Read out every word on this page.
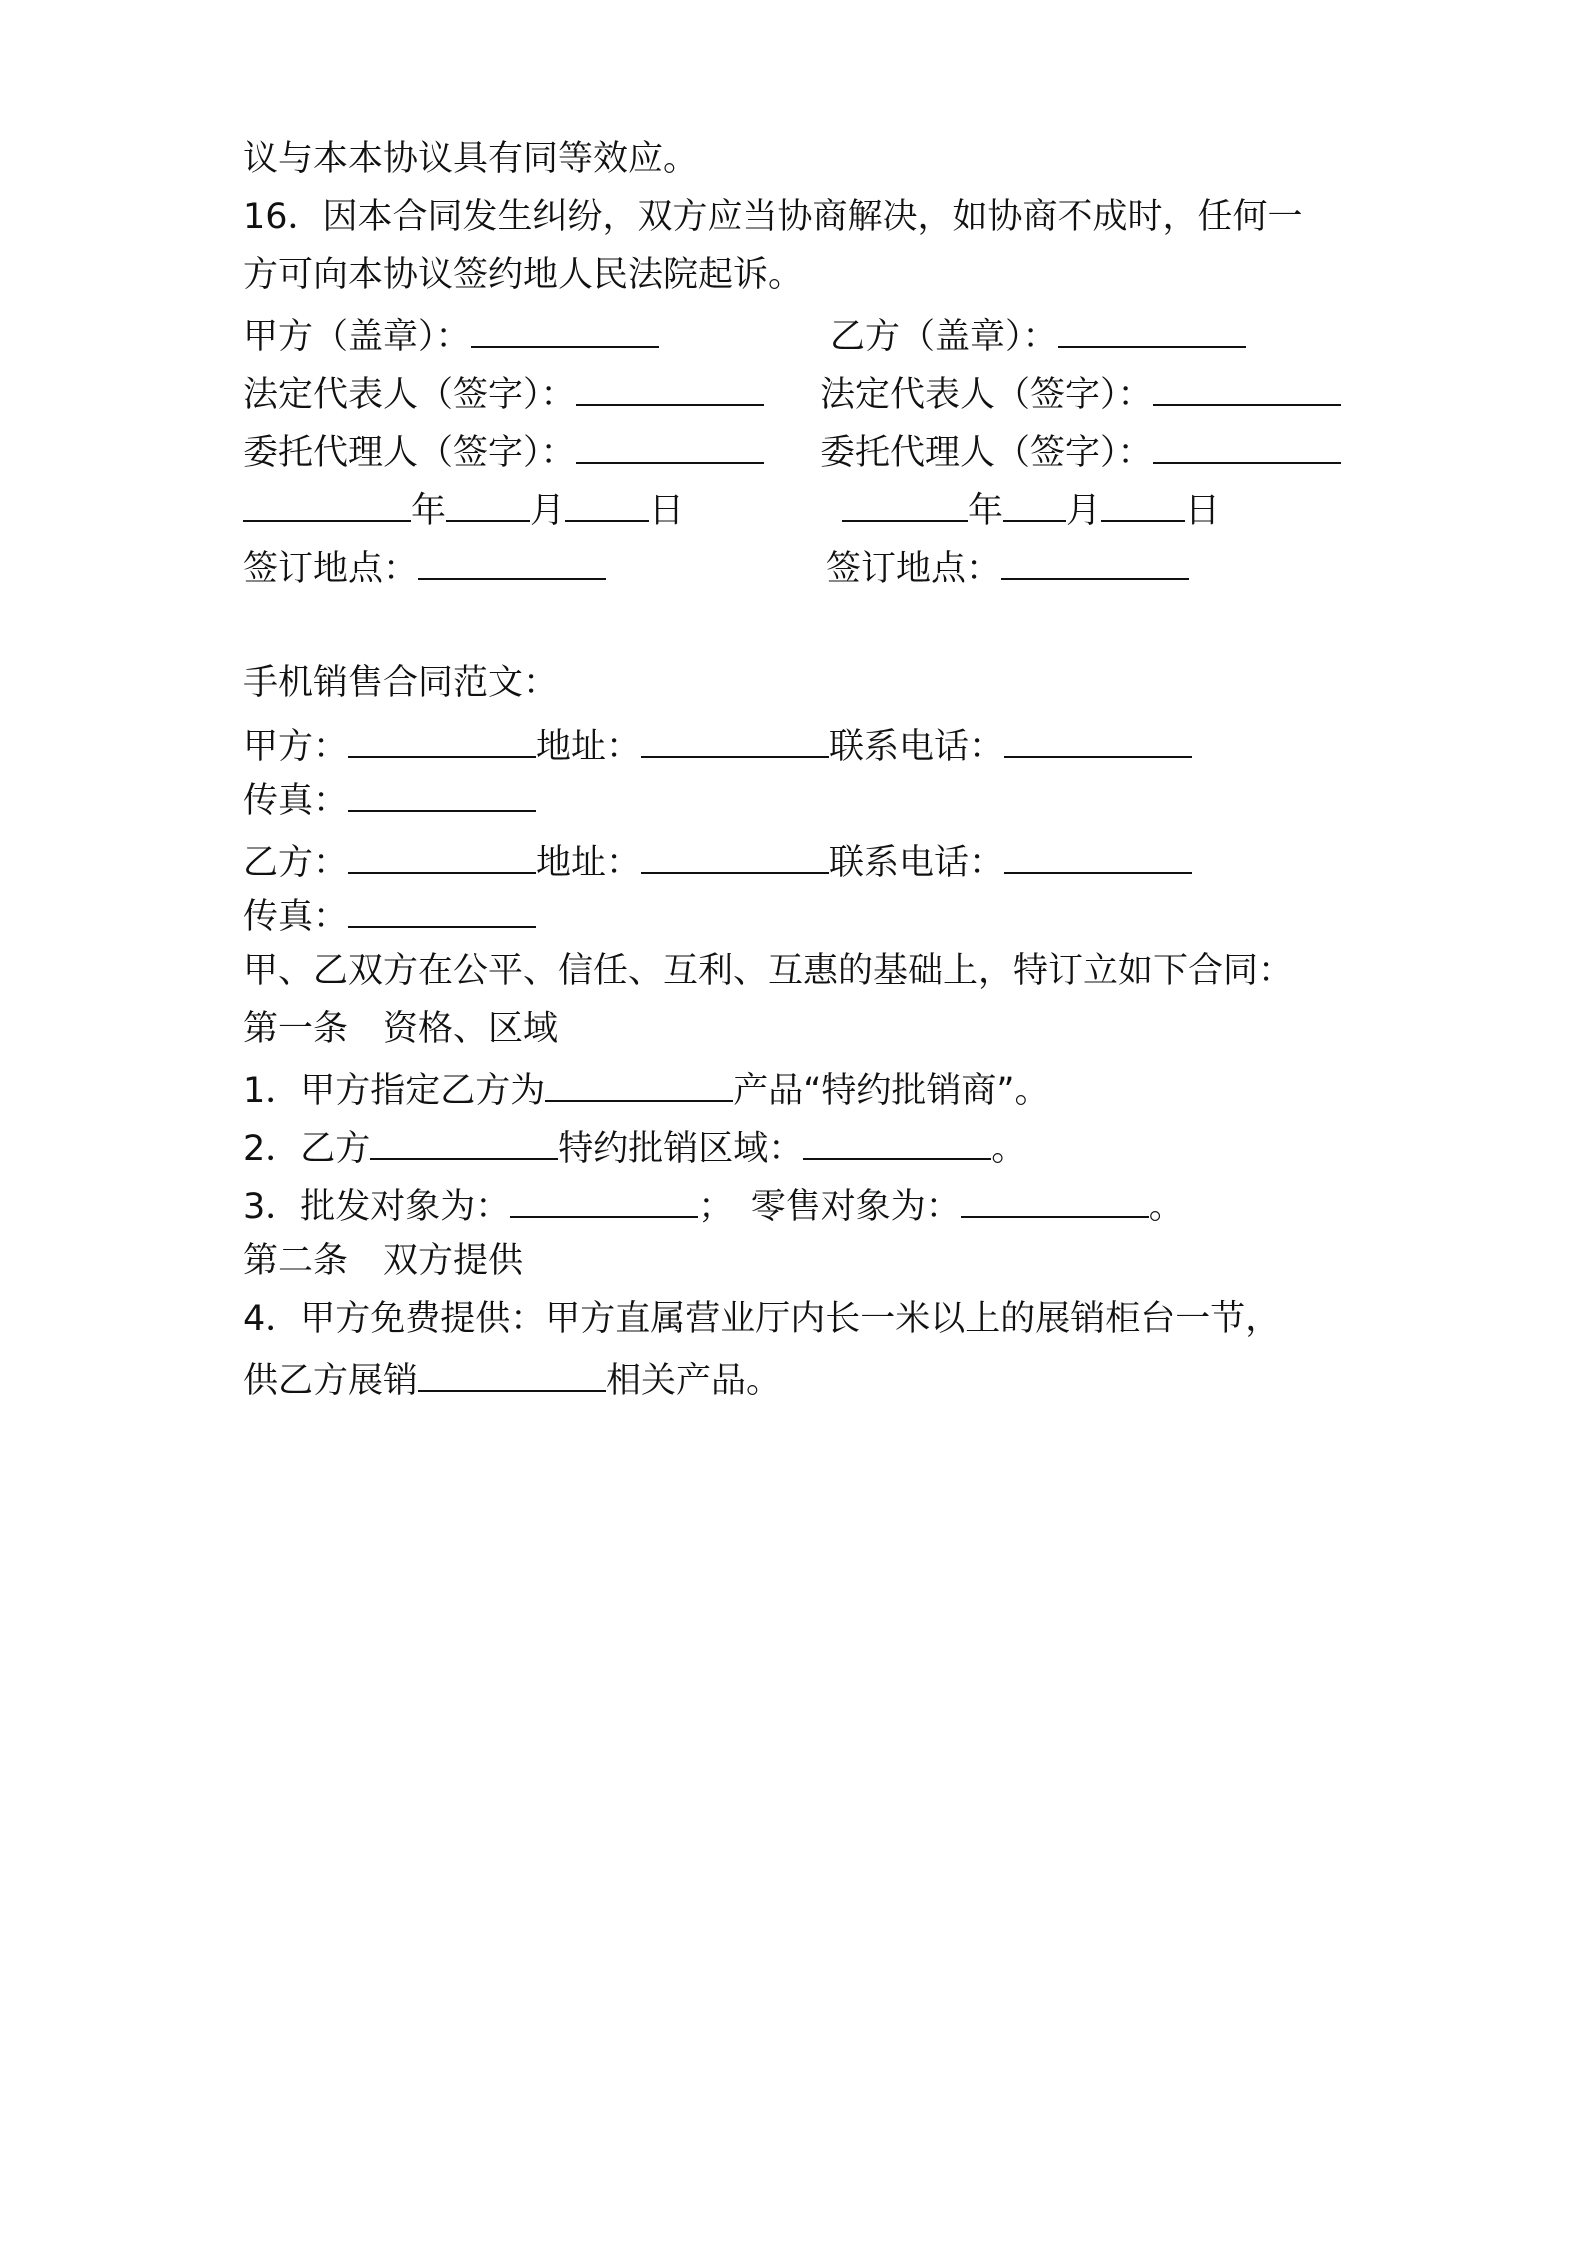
议与本本协议具有同等效应。
16．因本合同发生纠纷，双方应当协商解决，如协商不成时，任何一
方可向本协议签约地人民法院起诉。
甲方（盖章）：	乙方（盖章）：
法定代表人（签字）：	法定代表人（签字）：
委托代理人（签字）：	委托代理人（签字）：
年 月 日	年 月 日
签订地点：	签订地点：
手机销售合同范文：
甲方：	地址：	联系电话：
传真：
乙方：	地址：	联系电话：
传真：
甲、乙双方在公平、信任、互利、互惠的基础上，特订立如下合同：
第一条　资格、区域
1．甲方指定乙方为	产品“特约批销商”。
2．乙方	特约批销区域：	。
3．批发对象为：	；　零售对象为：	。
第二条　双方提供
4．甲方免费提供：甲方直属营业厅内长一米以上的展销柜台一节，
供乙方展销	相关产品。
